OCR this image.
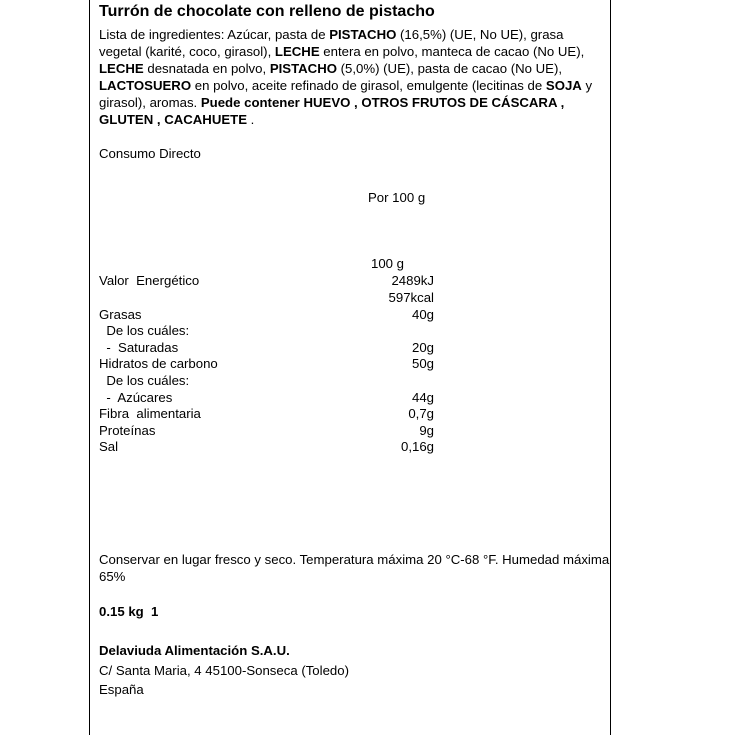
Turrón de chocolate con relleno de pistacho
Lista de ingredientes: Azúcar, pasta de PISTACHO (16,5%) (UE, No UE), grasa vegetal (karité, coco, girasol), LECHE entera en polvo, manteca de cacao (No UE), LECHE desnatada en polvo, PISTACHO (5,0%) (UE), pasta de cacao (No UE), LACTOSUERO en polvo, aceite refinado de girasol, emulgente (lecitinas de SOJA y girasol), aromas. Puede contener HUEVO , OTROS FRUTOS DE CÁSCARA , GLUTEN , CACAHUETE .
Consumo Directo
Por 100 g
100 g
Valor  Energético	2489kJ
597kcal
Grasas	40g
De los cuáles:
-  Saturadas	20g
Hidratos de carbono	50g
De los cuáles:
-  Azúcares	44g
Fibra  alimentaria	0,7g
Proteínas	9g
Sal	0,16g
Conservar en lugar fresco y seco. Temperatura máxima 20 °C-68 °F. Humedad máxima 65%
0.15 kg  1
Delaviuda Alimentación S.A.U.
C/ Santa Maria, 4 45100-Sonseca (Toledo)
España
